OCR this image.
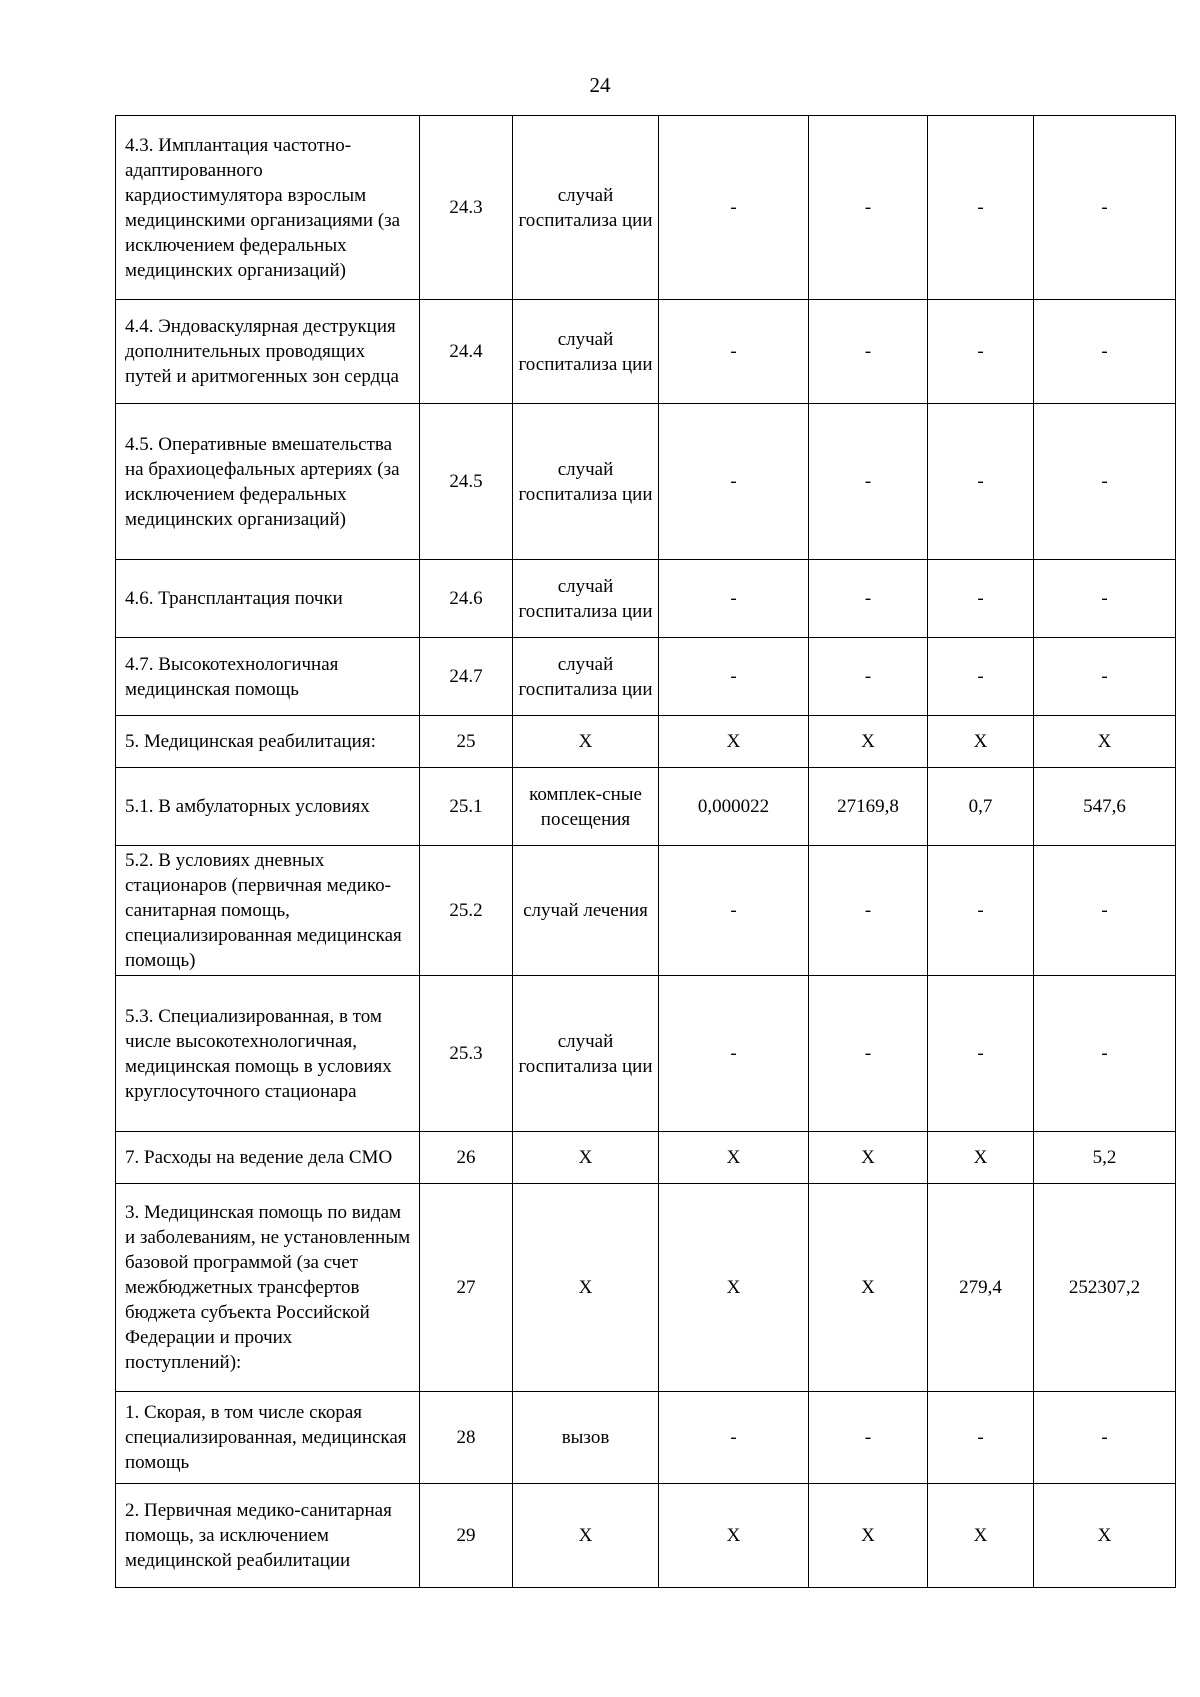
24
4.3. Имплантация частотно-адаптированного кардиостимулятора взрослым медицинскими организациями (за исключением федеральных медицинских организаций)	24.3	случай госпитализа ции	-	-	-	-
4.4. Эндоваскулярная деструкция дополнительных проводящих путей и аритмогенных зон сердца	24.4	случай госпитализа ции	-	-	-	-
4.5. Оперативные вмешательства на брахиоцефальных артериях (за исключением федеральных медицинских организаций)	24.5	случай госпитализа ции	-	-	-	-
4.6. Трансплантация почки	24.6	случай госпитализа ции	-	-	-	-
4.7. Высокотехнологичная медицинская помощь	24.7	случай госпитализа ции	-	-	-	-
5. Медицинская реабилитация:	25	Х	Х	Х	Х	Х
5.1. В амбулаторных условиях	25.1	комплек-сные посещения	0,000022	27169,8	0,7	547,6
5.2. В условиях дневных стационаров (первичная медико-санитарная помощь, специализированная медицинская помощь)	25.2	случай лечения	-	-	-	-
5.3. Специализированная, в том числе высокотехнологичная, медицинская помощь в условиях круглосуточного стационара	25.3	случай госпитализа ции	-	-	-	-
7. Расходы на ведение дела СМО	26	Х	Х	Х	Х	5,2
3. Медицинская помощь по видам и заболеваниям, не установленным базовой программой (за счет межбюджетных трансфертов бюджета субъекта Российской Федерации и прочих поступлений):	27	Х	Х	Х	279,4	252307,2
1. Скорая, в том числе скорая специализированная, медицинская помощь	28	вызов	-	-	-	-
2. Первичная медико-санитарная помощь, за исключением медицинской реабилитации	29	Х	Х	Х	Х	Х
